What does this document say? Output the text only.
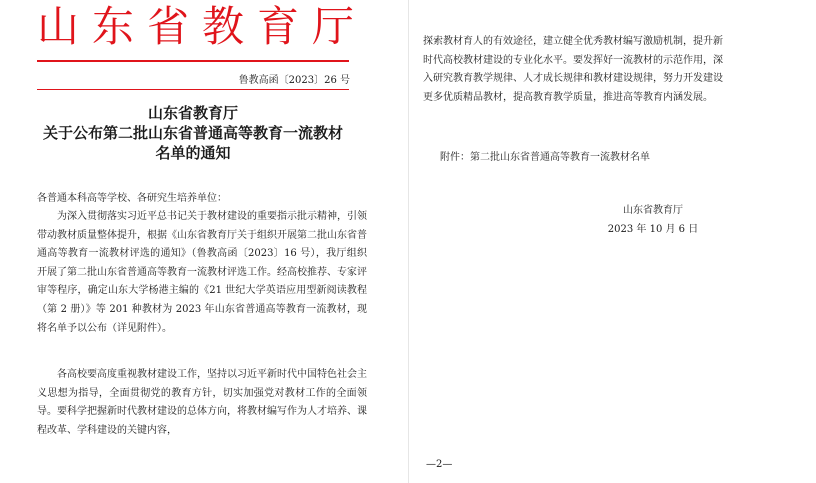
山东省教育厅
鲁教高函〔2023〕26 号
山东省教育厅
关于公布第二批山东省普通高等教育一流教材
名单的通知

各普通本科高等学校、各研究生培养单位：

为深入贯彻落实习近平总书记关于教材建设的重要指示批示精神，引领带动教材质量整体提升，根据《山东省教育厅关于组织开展第二批山东省普通高等教育一流教材评选的通知》（鲁教高函〔2023〕16 号），我厅组织开展了第二批山东省普通高等教育一流教材评选工作。经高校推荐、专家评审等程序，确定山东大学杨港主编的《21 世纪大学英语应用型新阅读教程（第 2 册）》等 201 种教材为 2023 年山东省普通高等教育一流教材，现将名单予以公布（详见附件）。

各高校要高度重视教材建设工作，坚持以习近平新时代中国特色社会主义思想为指导，全面贯彻党的教育方针，切实加强党对教材工作的全面领导。要科学把握新时代教材建设的总体方向，将教材编写作为人才培养、课程改革、学科建设的关键内容，

探索教材育人的有效途径，建立健全优秀教材编写激励机制，提升新时代高校教材建设的专业化水平。要发挥好一流教材的示范作用，深入研究教育教学规律、人才成长规律和教材建设规律，努力开发建设更多优质精品教材，提高教育教学质量，推进高等教育内涵发展。

附件：第二批山东省普通高等教育一流教材名单
山东省教育厅
2023 年 10 月 6 日
—2—
